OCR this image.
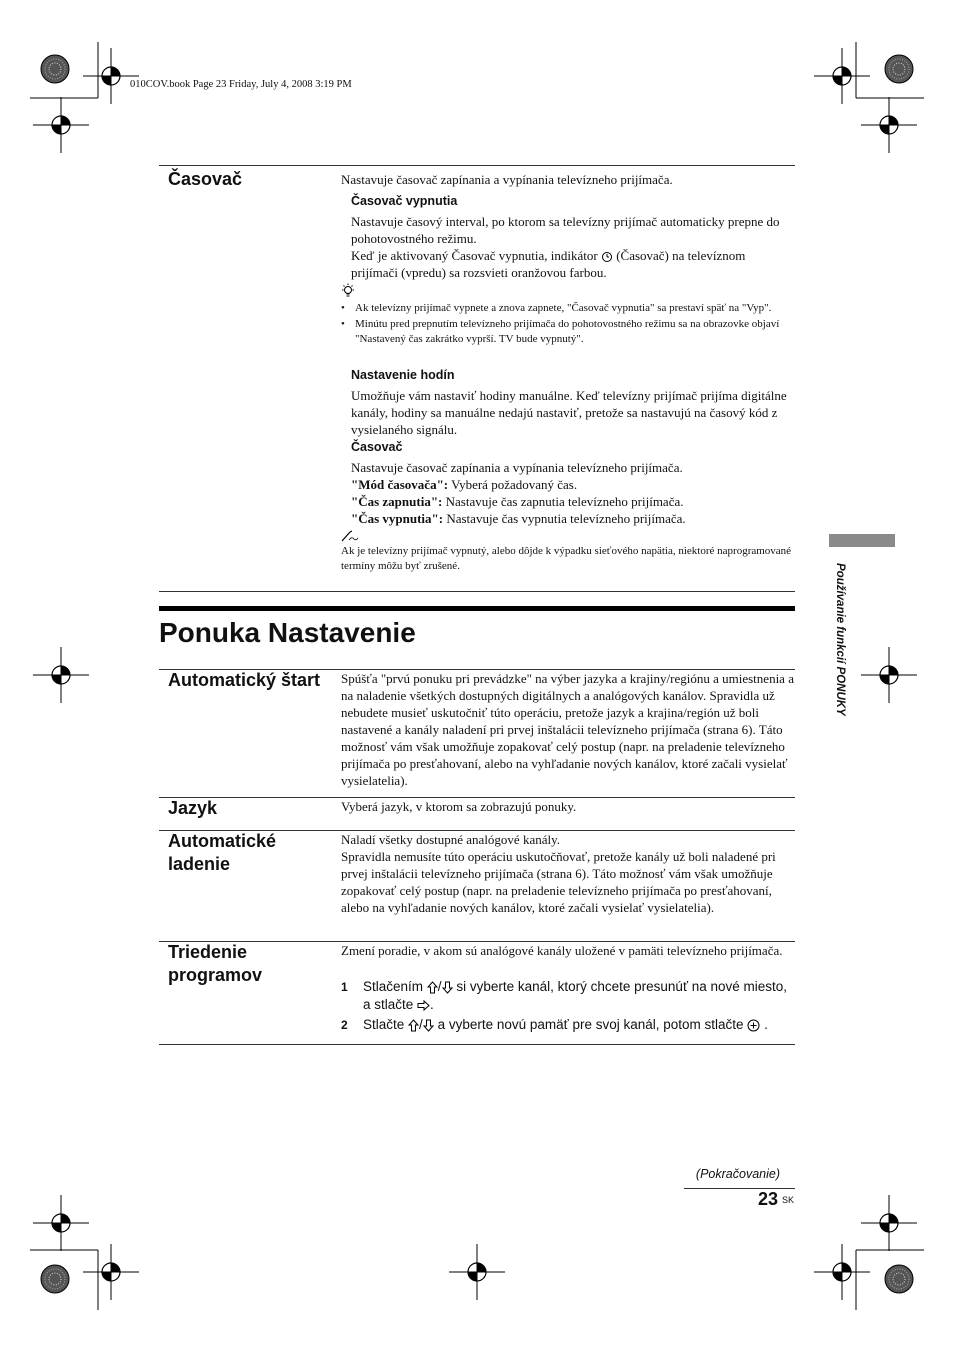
010COV.book Page 23 Friday, July 4, 2008 3:19 PM
Časovač	Nastavuje časovač zapínania a vypínania televízneho prijímača.
Časovač vypnutia
Nastavuje časový interval, po ktorom sa televízny prijímač automaticky prepne do pohotovostného režimu.
Keď je aktivovaný Časovač vypnutia, indikátor (Časovač) na televíznom prijímači (vpredu) sa rozsvieti oranžovou farbou.
• Ak televízny prijímač vypnete a znova zapnete, "Časovač vypnutia" sa prestaví späť na "Vyp".
• Minútu pred prepnutím televízneho prijímača do pohotovostného režimu sa na obrazovke objaví "Nastavený čas zakrátko vyprší. TV bude vypnutý".
Nastavenie hodín
Umožňuje vám nastaviť hodiny manuálne. Keď televízny prijímač prijíma digitálne kanály, hodiny sa manuálne nedajú nastaviť, pretože sa nastavujú na časový kód z vysielaného signálu.
Časovač
Nastavuje časovač zapínania a vypínania televízneho prijímača.
"Mód časovača": Vyberá požadovaný čas.
"Čas zapnutia": Nastavuje čas zapnutia televízneho prijímača.
"Čas vypnutia": Nastavuje čas vypnutia televízneho prijímača.
Ak je televízny prijímač vypnutý, alebo dôjde k výpadku sieťového napätia, niektoré naprogramované termíny môžu byť zrušené.
Ponuka Nastavenie
Automatický štart Spúšťa "prvú ponuku pri prevádzke" na výber jazyka a krajiny/regiónu a umiestnenia a na naladenie všetkých dostupných digitálnych a analógových kanálov. Spravidla už nebudete musieť uskutočniť túto operáciu, pretože jazyk a krajina/región už boli nastavené a kanály naladení pri prvej inštalácii televízneho prijímača (strana 6). Táto možnosť vám však umožňuje zopakovať celý postup (napr. na preladenie televízneho prijímača po presťahovaní, alebo na vyhľadanie nových kanálov, ktoré začali vysielať vysielatelia).
Jazyk	Vyberá jazyk, v ktorom sa zobrazujú ponuky.
Automatické
ladenie
Naladí všetky dostupné analógové kanály.
Spravidla nemusíte túto operáciu uskutočňovať, pretože kanály už boli naladené pri prvej inštalácii televízneho prijímača (strana 6). Táto možnosť vám však umožňuje zopakovať celý postup (napr. na preladenie televízneho prijímača po presťahovaní, alebo na vyhľadanie nových kanálov, ktoré začali vysielať vysielatelia).
Triedenie
programov
Zmení poradie, v akom sú analógové kanály uložené v pamäti televízneho prijímača.
1 Stlačením / si vyberte kanál, ktorý chcete presunúť na nové miesto, a stlačte .
2 Stlačte / a vyberte novú pamäť pre svoj kanál, potom stlačte .
Používanie funkcií PONUKY
(Pokračovanie)
23 SK
